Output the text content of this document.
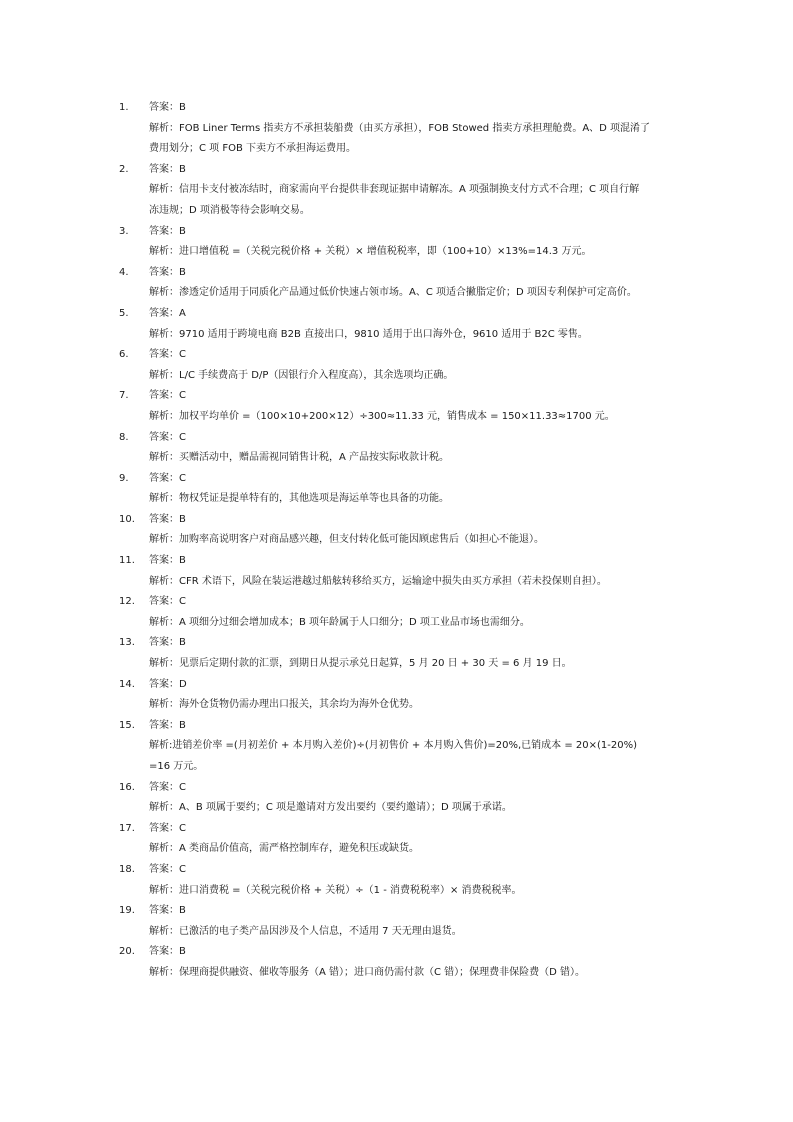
1.	答案：B
解析：FOB Liner Terms 指卖方不承担装船费（由买方承担），FOB Stowed 指卖方承担理舱费。A、D 项混淆了
费用划分；C 项 FOB 下卖方不承担海运费用。
2.	答案：B
解析：信用卡支付被冻结时，商家需向平台提供非套现证据申请解冻。A 项强制换支付方式不合理；C 项自行解
冻违规；D 项消极等待会影响交易。
3.	答案：B
解析：进口增值税 =（关税完税价格 + 关税）× 增值税税率，即（100+10）×13%=14.3 万元。
4.	答案：B
解析：渗透定价适用于同质化产品通过低价快速占领市场。A、C 项适合撇脂定价；D 项因专利保护可定高价。
5.	答案：A
解析：9710 适用于跨境电商 B2B 直接出口，9810 适用于出口海外仓，9610 适用于 B2C 零售。
6.	答案：C
解析：L/C 手续费高于 D/P（因银行介入程度高），其余选项均正确。
7.	答案：C
解析：加权平均单价 =（100×10+200×12）÷300≈11.33 元，销售成本 = 150×11.33≈1700 元。
8.	答案：C
解析：买赠活动中，赠品需视同销售计税，A 产品按实际收款计税。
9.	答案：C
解析：物权凭证是提单特有的，其他选项是海运单等也具备的功能。
10.	答案：B
解析：加购率高说明客户对商品感兴趣，但支付转化低可能因顾虑售后（如担心不能退）。
11.	答案：B
解析：CFR 术语下，风险在装运港越过船舷转移给买方，运输途中损失由买方承担（若未投保则自担）。
12.	答案：C
解析：A 项细分过细会增加成本；B 项年龄属于人口细分；D 项工业品市场也需细分。
13.	答案：B
解析：见票后定期付款的汇票，到期日从提示承兑日起算，5 月 20 日 + 30 天 = 6 月 19 日。
14.	答案：D
解析：海外仓货物仍需办理出口报关，其余均为海外仓优势。
15.	答案：B
解析:进销差价率 =(月初差价 + 本月购入差价)÷(月初售价 + 本月购入售价)=20%,已销成本 = 20×(1-20%)
=16 万元。
16.	答案：C
解析：A、B 项属于要约；C 项是邀请对方发出要约（要约邀请）；D 项属于承诺。
17.	答案：C
解析：A 类商品价值高，需严格控制库存，避免积压或缺货。
18.	答案：C
解析：进口消费税 =（关税完税价格 + 关税）÷（1 - 消费税税率）× 消费税税率。
19.	答案：B
解析：已激活的电子类产品因涉及个人信息，不适用 7 天无理由退货。
20.	答案：B
解析：保理商提供融资、催收等服务（A 错）；进口商仍需付款（C 错）；保理费非保险费（D 错）。
